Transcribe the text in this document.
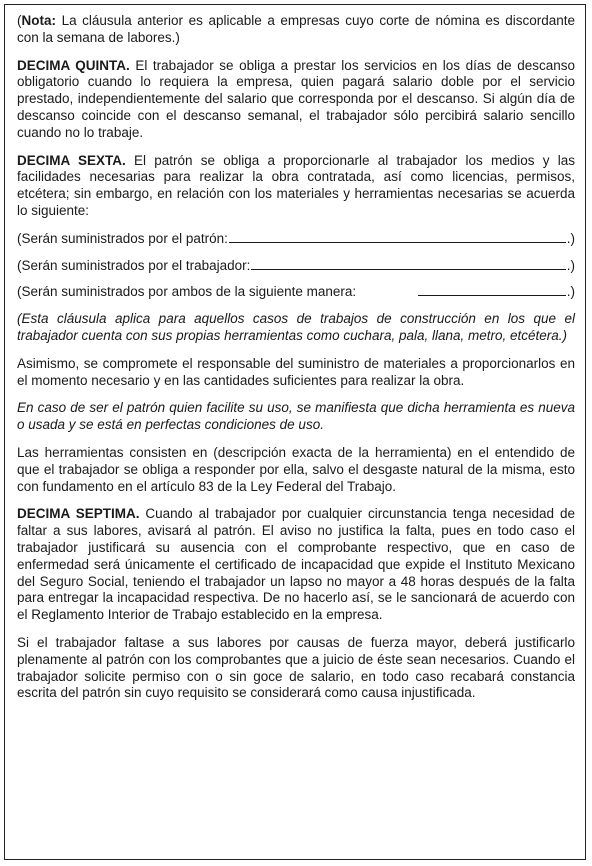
(Nota: La cláusula anterior es aplicable a empresas cuyo corte de nómina es discordante con la semana de labores.)

DECIMA QUINTA. El trabajador se obliga a prestar los servicios en los días de descanso obligatorio cuando lo requiera la empresa, quien pagará salario doble por el servicio prestado, independientemente del salario que corresponda por el descanso. Si algún día de descanso coincide con el descanso semanal, el trabajador sólo percibirá salario sencillo cuando no lo trabaje.

DECIMA SEXTA. El patrón se obliga a proporcionarle al trabajador los medios y las facilidades necesarias para realizar la obra contratada, así como licencias, permisos, etcétera; sin embargo, en relación con los materiales y herramientas necesarias se acuerda lo siguiente:

(Serán suministrados por el patrón:	.)
(Serán suministrados por el trabajador:	.)
(Serán suministrados por ambos de la siguiente manera:	.)

(Esta cláusula aplica para aquellos casos de trabajos de construcción en los que el trabajador cuenta con sus propias herramientas como cuchara, pala, llana, metro, etcétera.)

Asimismo, se compromete el responsable del suministro de materiales a proporcionarlos en el momento necesario y en las cantidades suficientes para realizar la obra.

En caso de ser el patrón quien facilite su uso, se manifiesta que dicha herramienta es nueva o usada y se está en perfectas condiciones de uso.

Las herramientas consisten en (descripción exacta de la herramienta) en el entendido de que el trabajador se obliga a responder por ella, salvo el desgaste natural de la misma, esto con fundamento en el artículo 83 de la Ley Federal del Trabajo.

DECIMA SEPTIMA. Cuando al trabajador por cualquier circunstancia tenga necesidad de faltar a sus labores, avisará al patrón. El aviso no justifica la falta, pues en todo caso el trabajador justificará su ausencia con el comprobante respectivo, que en caso de enfermedad será únicamente el certificado de incapacidad que expide el Instituto Mexicano del Seguro Social, teniendo el trabajador un lapso no mayor a 48 horas después de la falta para entregar la incapacidad respectiva. De no hacerlo así, se le sancionará de acuerdo con el Reglamento Interior de Trabajo establecido en la empresa.

Si el trabajador faltase a sus labores por causas de fuerza mayor, deberá justificarlo plenamente al patrón con los comprobantes que a juicio de éste sean necesarios. Cuando el trabajador solicite permiso con o sin goce de salario, en todo caso recabará constancia escrita del patrón sin cuyo requisito se considerará como causa injustificada.
